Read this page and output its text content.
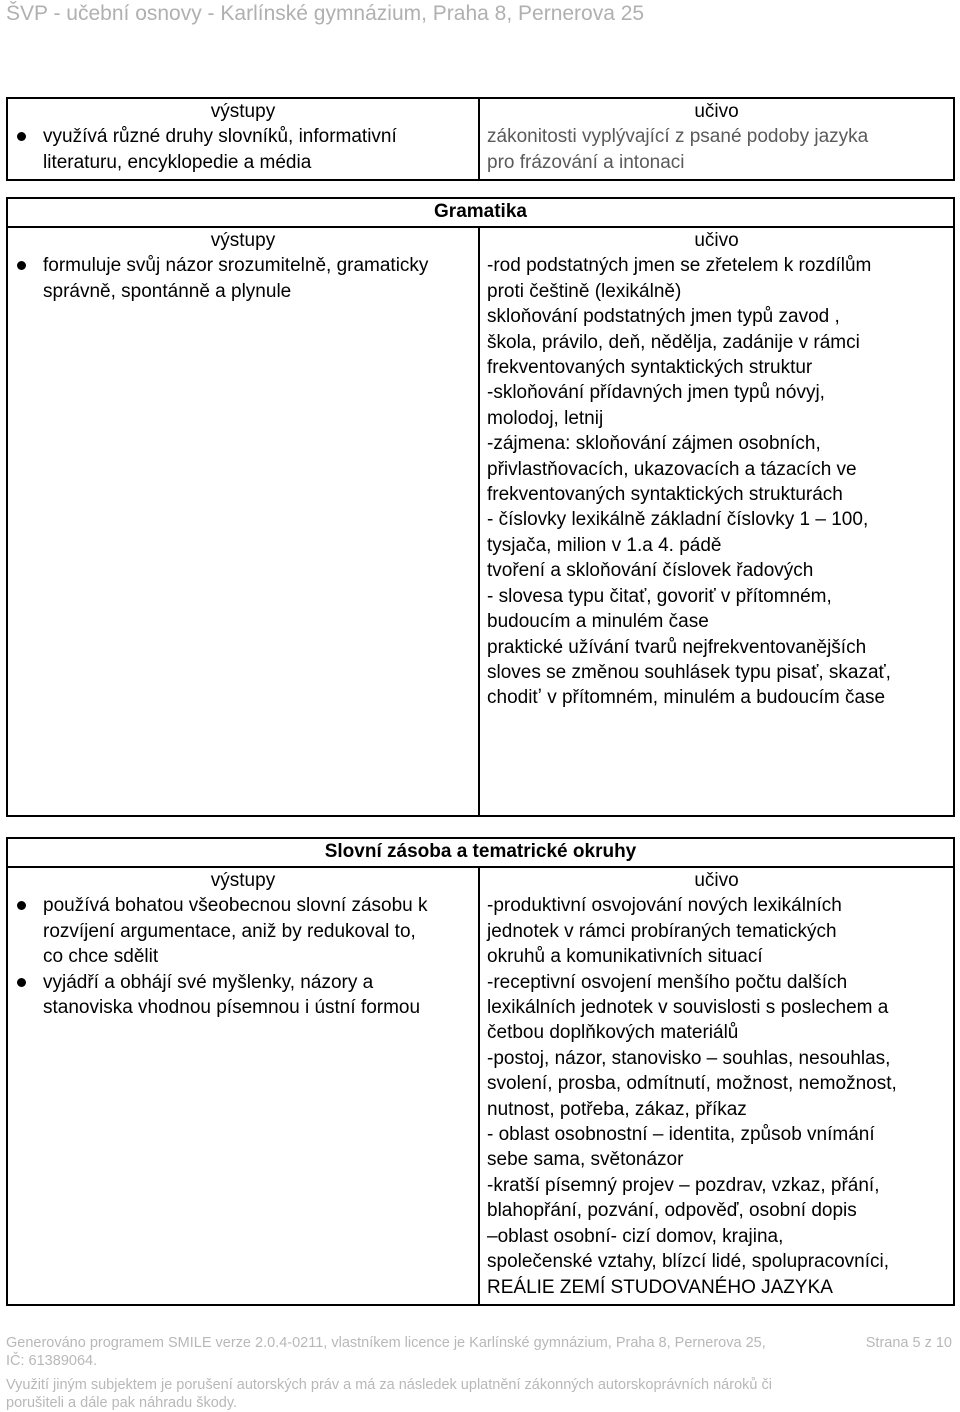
ŠVP - učební osnovy - Karlínské gymnázium, Praha 8, Pernerova 25
výstupy
využívá různé druhy slovníků, informativní
literaturu, encyklopedie a média

učivo
zákonitosti vyplývající z psané podoby jazyka
pro frázování a intonaci
Gramatika

výstupy
formuluje svůj názor srozumitelně, gramaticky
správně, spontánně a plynule

učivo
-rod podstatných jmen se zřetelem k rozdílům
proti češtině (lexikálně)
skloňování podstatných jmen typů zavod ,
škola, právilo, deň, nědělja, zadánije v rámci
frekventovaných syntaktických struktur
-skloňování přídavných jmen typů nóvyj,
molodoj, letnij
-zájmena: skloňování zájmen osobních,
přivlastňovacích, ukazovacích a tázacích ve
frekventovaných syntaktických strukturách
- číslovky lexikálně základní číslovky 1 – 100,
tysjača, milion v 1.a 4. pádě
tvoření a skloňování číslovek řadových
- slovesa typu čitať, govoriť v přítomném,
budoucím a minulém čase
praktické užívání tvarů nejfrekventovanějších
sloves se změnou souhlásek typu pisať, skazať,
choditʼ v přítomném, minulém a budoucím čase
Slovní zásoba a tematrické okruhy

výstupy
používá bohatou všeobecnou slovní zásobu k
rozvíjení argumentace, aniž by redukoval to,
co chce sdělit
vyjádří a obhájí své myšlenky, názory a
stanoviska vhodnou písemnou i ústní formou

učivo
-produktivní osvojování nových lexikálních
jednotek v rámci probíraných tematických
okruhů a komunikativních situací
-receptivní osvojení menšího počtu dalších
lexikálních jednotek v souvislosti s poslechem a
četbou doplňkových materiálů
-postoj, názor, stanovisko – souhlas, nesouhlas,
svolení, prosba, odmítnutí, možnost, nemožnost,
nutnost, potřeba, zákaz, příkaz
- oblast osobnostní – identita, způsob vnímání
sebe sama, světonázor
-kratší písemný projev – pozdrav, vzkaz, přání,
blahopřání, pozvání, odpověď, osobní dopis
–oblast osobní- cizí domov, krajina,
společenské vztahy, blízcí lidé, spolupracovníci,
REÁLIE ZEMÍ STUDOVANÉHO JAZYKA
Generováno programem SMILE verze 2.0.4-0211, vlastníkem licence je Karlínské gymnázium, Praha 8, Pernerova 25,
IČ: 61389064.
Strana 5 z 10
Využití jiným subjektem je porušení autorských práv a má za následek uplatnění zákonných autorskoprávních nároků či
porušiteli a dále pak náhradu škody.
